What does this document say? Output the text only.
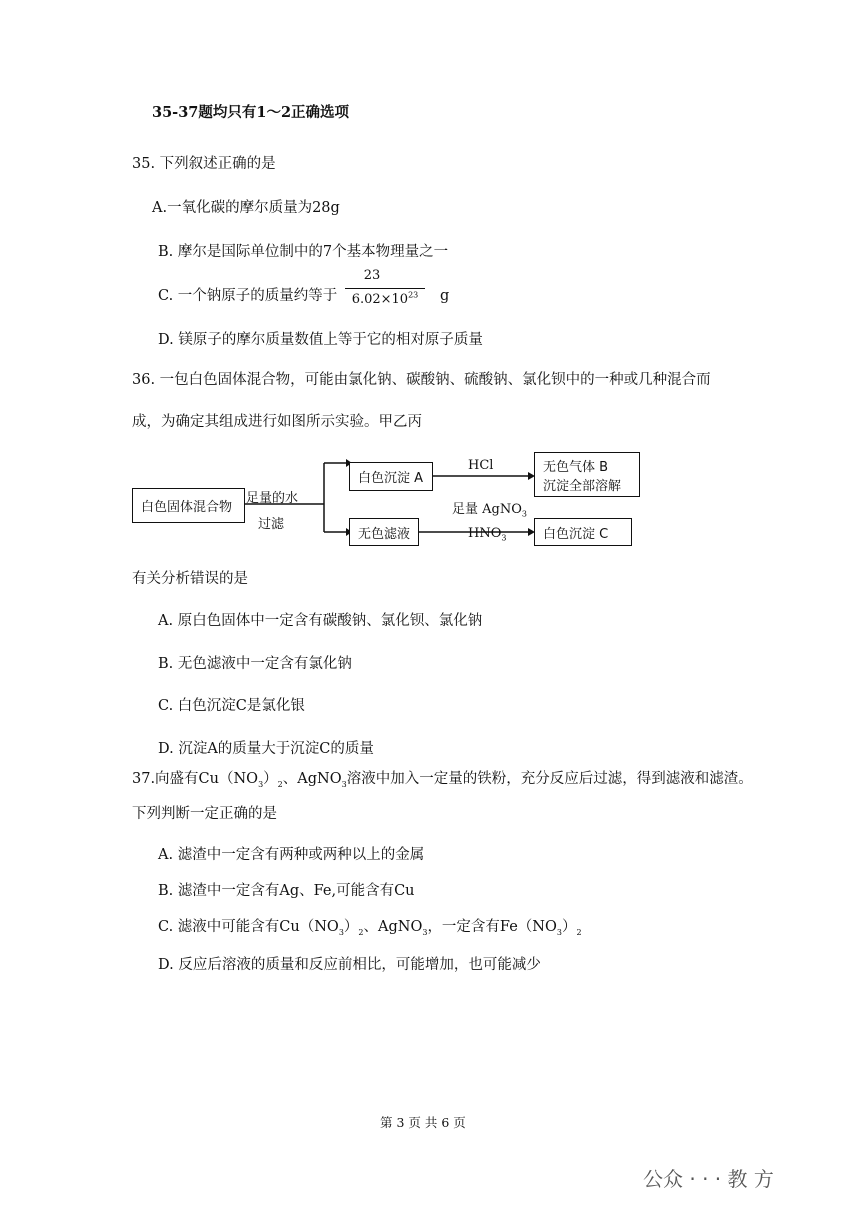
35-37题均只有1～2正确选项
35. 下列叙述正确的是
A.一氧化碳的摩尔质量为28g
B. 摩尔是国际单位制中的7个基本物理量之一
C. 一个钠原子的质量约等于
23
$6.02\times 10^{23}$	g
D. 镁原子的摩尔质量数值上等于它的相对原子质量
36. 一包白色固体混合物，可能由氯化钠、碳酸钠、硫酸钠、氯化钡中的一种或几种混合而
成，为确定其组成进行如图所示实验。甲乙丙
白色固体混合物
足量的水
过滤
白色沉淀 A
HCl	无色气体 B
沉淀全部溶解
无色滤液
足量 AgNO$_3$
$HNO_3$	白色沉淀 C
有关分析错误的是
A. 原白色固体中一定含有碳酸钠、氯化钡、氯化钠
B. 无色滤液中一定含有氯化钠
C. 白色沉淀C是氯化银
D. 沉淀A的质量大于沉淀C的质量
37.向盛有$Cu(NO_3)_2$、AgNO$_3$溶液中加入一定量的铁粉，充分反应后过滤，得到滤液和滤渣。
下列判断一定正确的是
A. 滤渣中一定含有两种或两种以上的金属
B. 滤渣中一定含有Ag、Fe,可能含有Cu
C. 滤液中可能含有$Cu(NO_3)_2$、AgNO$_3$，一定含有$Fe(NO_3)_2$
D. 反应后溶液的质量和反应前相比，可能增加，也可能减少
第 3 页 共 6 页
公众 · · · 教 方
